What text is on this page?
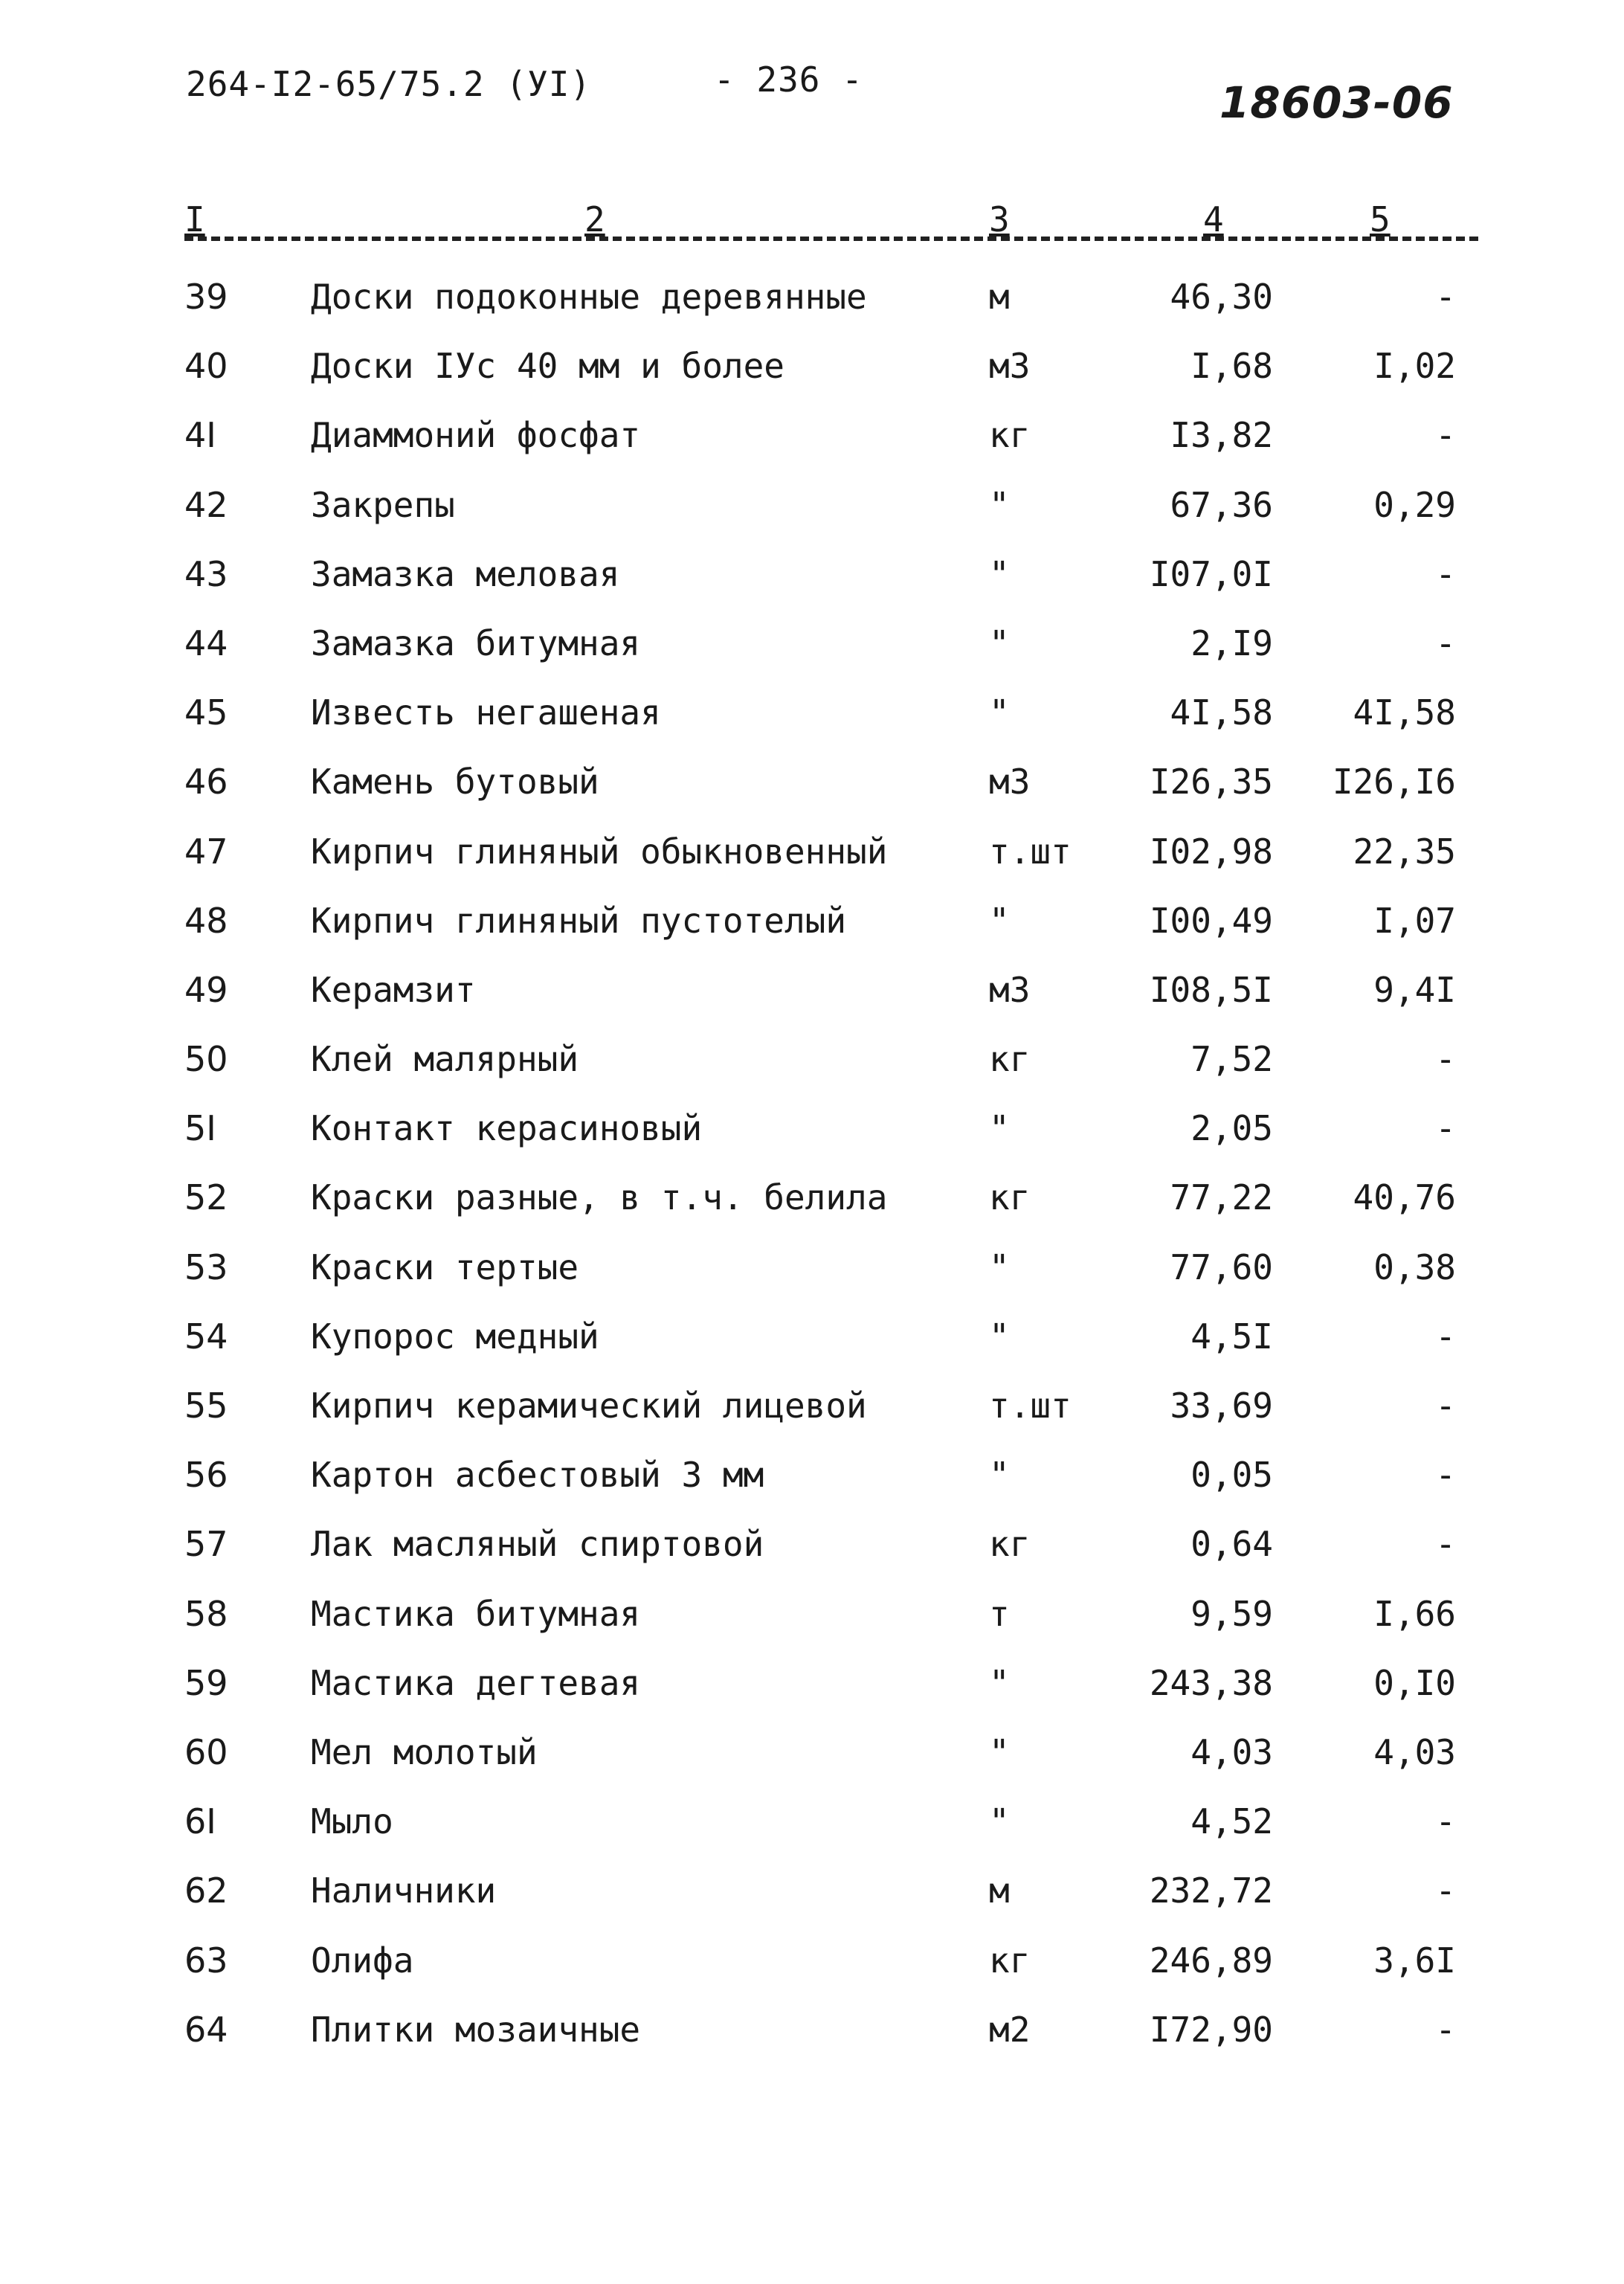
264-I2-65/75.2 (УI)	- 236 -	18603-06
I	2	3	4	5
39 Доски подоконные деревянные	м	46,30	-
40 Доски IУс 40 мм и более	м3	I,68	I,02
4I	Диаммоний фосфат	кг	I3,82	-
42 Закрепы	"	67,36	0,29
43 Замазка меловая	"	I07,0I	-
44 Замазка битумная	"	2,I9	-
45 Известь негашеная	"	4I,58 4I,58
46 Камень бутовый	м3	I26,35 I26,I6
47 Кирпич глиняный обыкновенный	т.шт I02,98 22,35
48 Кирпич глиняный пустотелый	"	I00,49	I,07
49 Керамзит	м3	I08,5I	9,4I
50 Клей малярный	кг	7,52	-
5I	Контакт керасиновый	"	2,05	-
52 Краски разные, в т.ч. белила	кг	77,22 40,76
53 Краски тертые	"	77,60	0,38
54 Купорос медный	"	4,5I	-
55 Кирпич керамический лицевой	т.шт	33,69	-
56 Картон асбестовый 3 мм	"	0,05	-
57 Лак масляный спиртовой	кг	0,64	-
58 Мастика битумная	т	9,59	I,66
59 Мастика дегтевая	"	243,38	0,I0
60 Мел молотый	"	4,03	4,03
6I	Мыло	"	4,52	-
62 Наличники	м	232,72	-
63 Олифа	кг	246,89	3,6I
64 Плитки мозаичные	м2	I72,90	-
